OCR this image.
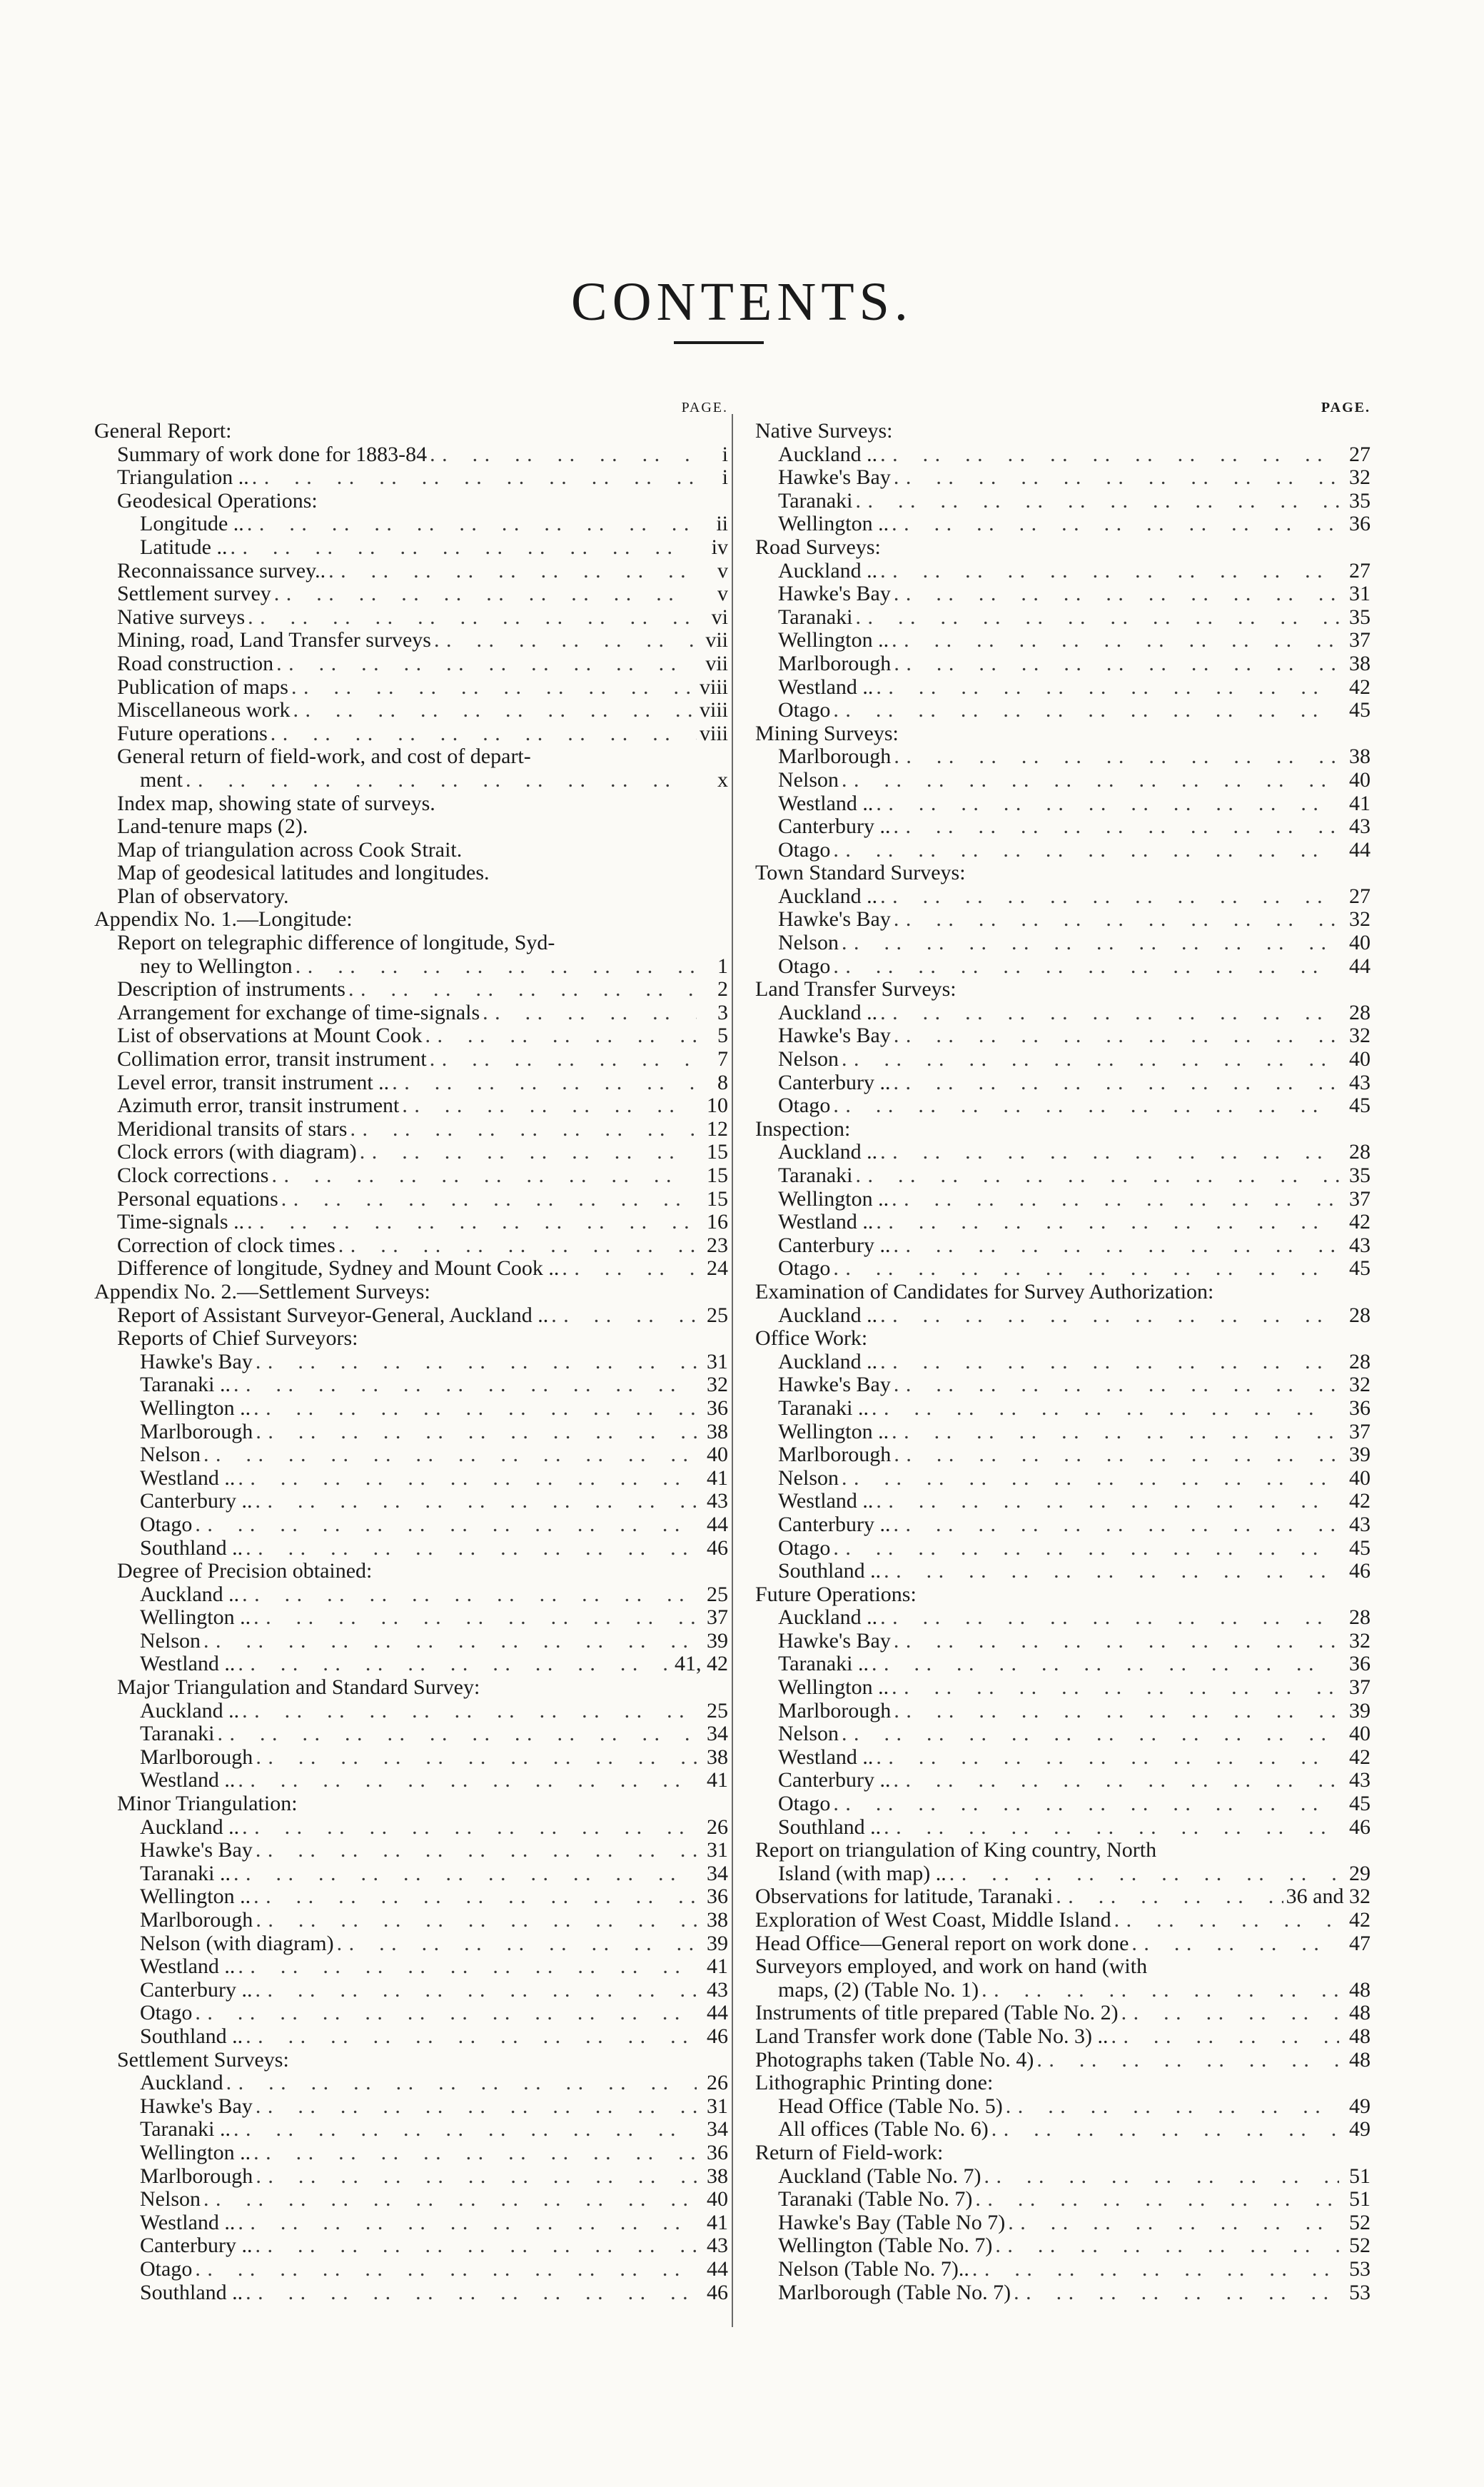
CONTENTS.
PAGE.
General Report:
Summary of work done for 1883-84 . .	i
Triangulation .. . .	i
Geodesical Operations:
Longitude .. . .	ii
Latitude .. . .	iv
Reconnaissance survey.. . .	v
Settlement survey . .	v
Native surveys . .	vi
Mining, road, Land Transfer surveys . .	vii
Road construction . .	vii
Publication of maps . .	viii
Miscellaneous work . .	viii
Future operations . .	viii
General return of field-work, and cost of depart-
ment . .	x
Index map, showing state of surveys.
Land-tenure maps (2).
Map of triangulation across Cook Strait.
Map of geodesical latitudes and longitudes.
Plan of observatory.
Appendix No. 1.—Longitude:
Report on telegraphic difference of longitude, Syd-
ney to Wellington . .	1
Description of instruments . .	2
Arrangement for exchange of time-signals . .	3
List of observations at Mount Cook . .	5
Collimation error, transit instrument . .	7
Level error, transit instrument .. . .	8
Azimuth error, transit instrument . .	10
Meridional transits of stars . .	12
Clock errors (with diagram) . .	15
Clock corrections . .	15
Personal equations . .	15
Time-signals .. . .	16
Correction of clock times . .	23
Difference of longitude, Sydney and Mount Cook .. . .	24
Appendix No. 2.—Settlement Surveys:
Report of Assistant Surveyor-General, Auckland .. . .	25
Reports of Chief Surveyors:
Hawke's Bay . .	31
Taranaki .. . .	32
Wellington .. . .	36
Marlborough . .	38
Nelson . .	40
Westland .. . .	41
Canterbury .. . .	43
Otago . .	44
Southland .. . .	46
Degree of Precision obtained:
Auckland .. . .	25
Wellington .. . .	37
Nelson . .	39
Westland .. . .	41, 42
Major Triangulation and Standard Survey:
Auckland .. . .	25
Taranaki . .	34
Marlborough . .	38
Westland .. . .	41
Minor Triangulation:
Auckland .. . .	26
Hawke's Bay . .	31
Taranaki .. . .	34
Wellington .. . .	36
Marlborough . .	38
Nelson (with diagram) . .	39
Westland .. . .	41
Canterbury .. . .	43
Otago . .	44
Southland .. . .	46
Settlement Surveys:
Auckland . .	26
Hawke's Bay . .	31
Taranaki .. . .	34
Wellington .. . .	36
Marlborough . .	38
Nelson . .	40
Westland .. . .	41
Canterbury .. . .	43
Otago . .	44
Southland .. . .	46
PAGE.
Native Surveys:
Auckland .. . .	27
Hawke's Bay . .	32
Taranaki . .	35
Wellington .. . .	36
Road Surveys:
Auckland .. . .	27
Hawke's Bay . .	31
Taranaki . .	35
Wellington .. . .	37
Marlborough . .	38
Westland .. . .	42
Otago . .	45
Mining Surveys:
Marlborough . .	38
Nelson . .	40
Westland .. . .	41
Canterbury .. . .	43
Otago . .	44
Town Standard Surveys:
Auckland .. . .	27
Hawke's Bay . .	32
Nelson . .	40
Otago . .	44
Land Transfer Surveys:
Auckland .. . .	28
Hawke's Bay . .	32
Nelson . .	40
Canterbury .. . .	43
Otago . .	45
Inspection:
Auckland .. . .	28
Taranaki . .	35
Wellington .. . .	37
Westland .. . .	42
Canterbury .. . .	43
Otago . .	45
Examination of Candidates for Survey Authorization:
Auckland .. . .	28
Office Work:
Auckland .. . .	28
Hawke's Bay . .	32
Taranaki .. . .	36
Wellington .. . .	37
Marlborough . .	39
Nelson . .	40
Westland .. . .	42
Canterbury .. . .	43
Otago . .	45
Southland .. . .	46
Future Operations:
Auckland .. . .	28
Hawke's Bay . .	32
Taranaki .. . .	36
Wellington .. . .	37
Marlborough . .	39
Nelson . .	40
Westland .. . .	42
Canterbury .. . .	43
Otago . .	45
Southland .. . .	46
Report on triangulation of King country, North
Island (with map) .. . .	29
Observations for latitude, Taranaki . .	36 and 32
Exploration of West Coast, Middle Island . .	42
Head Office—General report on work done . .	47
Surveyors employed, and work on hand (with
maps, (2) (Table No. 1) . .	48
Instruments of title prepared (Table No. 2) . .	48
Land Transfer work done (Table No. 3) .. . .	48
Photographs taken (Table No. 4) . .	48
Lithographic Printing done:
Head Office (Table No. 5) . .	49
All offices (Table No. 6) . .	49
Return of Field-work:
Auckland (Table No. 7) . .	51
Taranaki (Table No. 7) . .	51
Hawke's Bay (Table No 7) . .	52
Wellington (Table No. 7) . .	52
Nelson (Table No. 7).. . .	53
Marlborough (Table No. 7) . .	53
